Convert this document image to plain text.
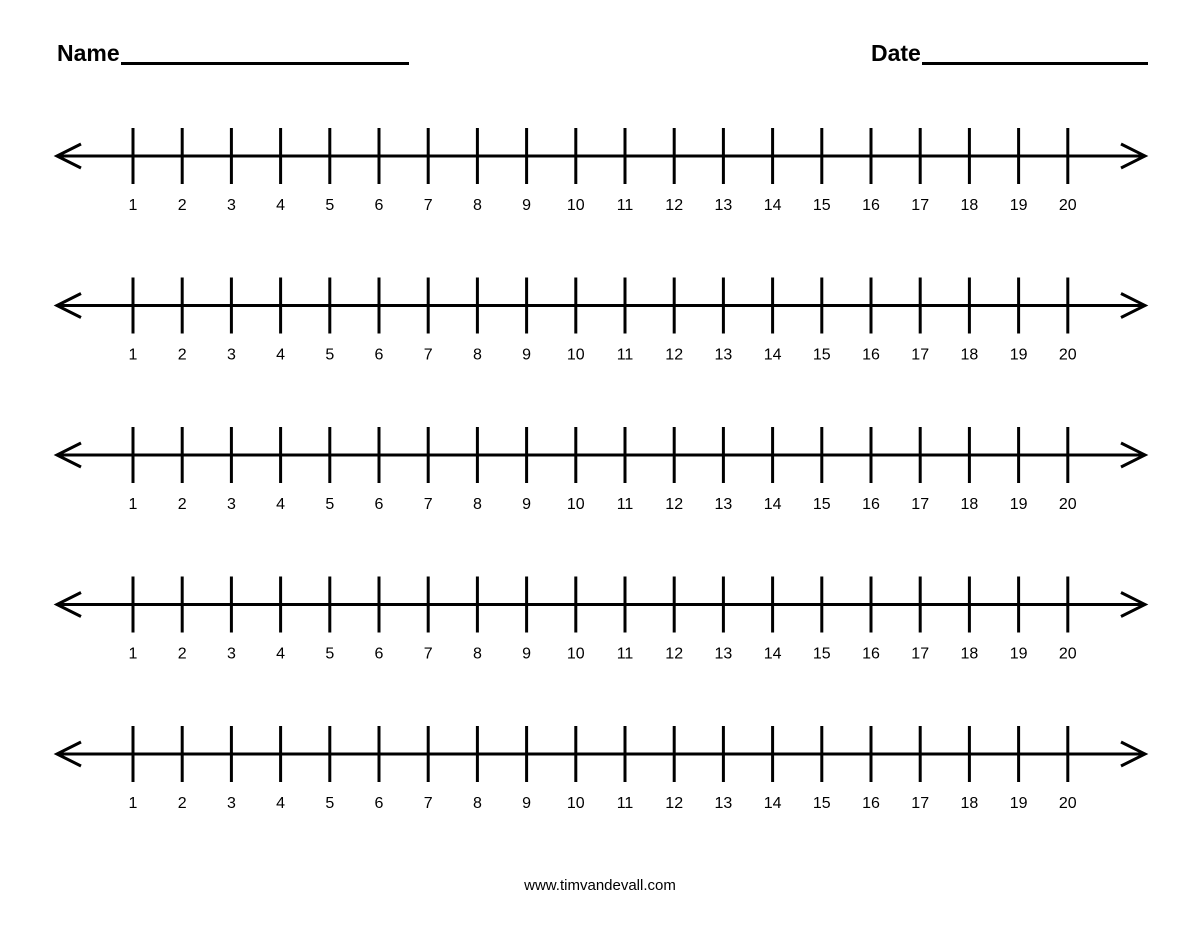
Name	Date
1	2	3	4	5	6	7	8	9 10 11 12 13 14 15 16 17 18 19 20
1	2	3	4	5	6	7	8	9 10 11 12 13 14 15 16 17 18 19 20
1	2	3	4	5	6	7	8	9 10 11 12 13 14 15 16 17 18 19 20
1	2	3	4	5	6	7	8	9 10 11 12 13 14 15 16 17 18 19 20
1	2	3	4	5	6	7	8	9 10 11 12 13 14 15 16 17 18 19 20
www.timvandevall.com
